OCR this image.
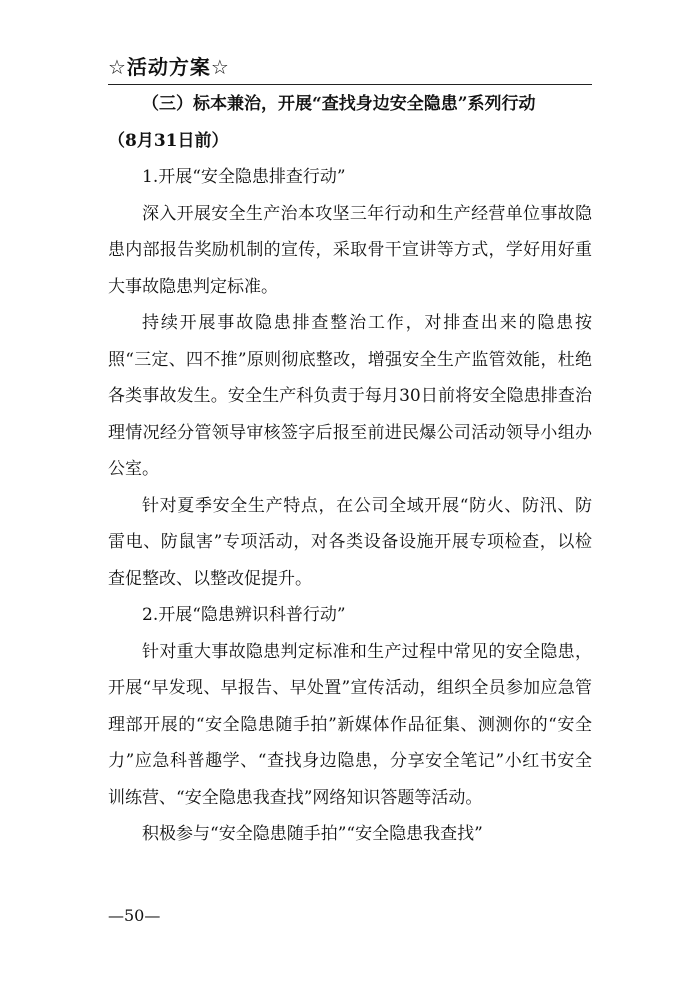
☆活动方案☆

（三）标本兼治，开展“查找身边安全隐患”系列行动

（8月31日前）

1.开展“安全隐患排查行动”

深入开展安全生产治本攻坚三年行动和生产经营单位事故隐患内部报告奖励机制的宣传，采取骨干宣讲等方式，学好用好重大事故隐患判定标准。

持续开展事故隐患排查整治工作，对排查出来的隐患按照“三定、四不推”原则彻底整改，增强安全生产监管效能，杜绝各类事故发生。安全生产科负责于每月30日前将安全隐患排查治理情况经分管领导审核签字后报至前进民爆公司活动领导小组办公室。

针对夏季安全生产特点，在公司全域开展“防火、防汛、防雷电、防鼠害”专项活动，对各类设备设施开展专项检查，以检查促整改、以整改促提升。

2.开展“隐患辨识科普行动”

针对重大事故隐患判定标准和生产过程中常见的安全隐患，开展“早发现、早报告、早处置”宣传活动，组织全员参加应急管理部开展的“安全隐患随手拍”新媒体作品征集、测测你的“安全力”应急科普趣学、“查找身边隐患，分享安全笔记”小红书安全训练营、“安全隐患我查找”网络知识答题等活动。

积极参与“安全隐患随手拍”“安全隐患我查找”

—50—
